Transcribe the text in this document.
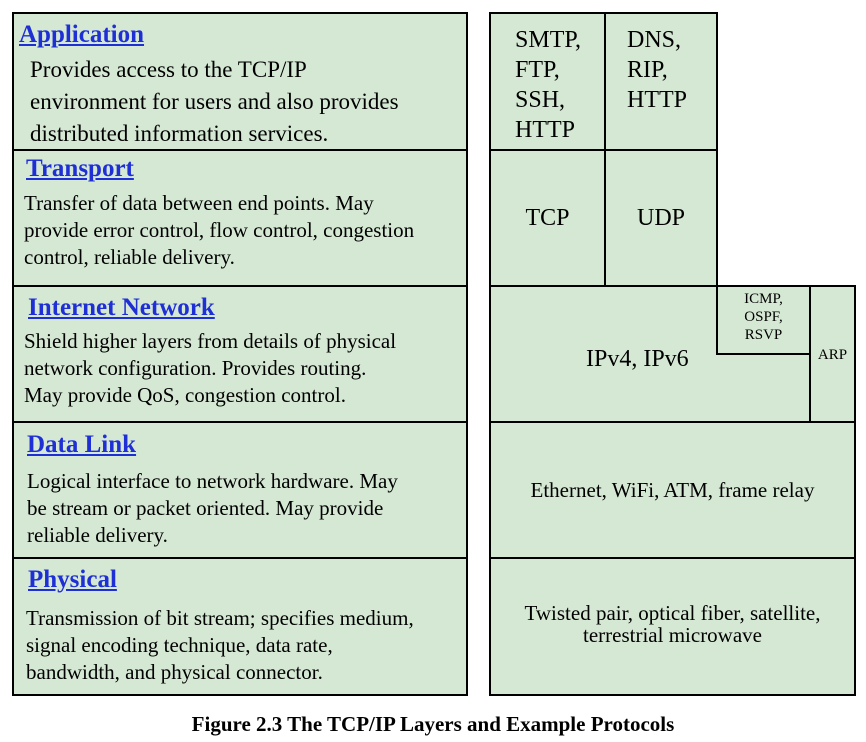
Application
Provides access to the TCP/IP
environment for users and also provides
distributed information services.
Transport
Transfer of data between end points. May
provide error control, flow control, congestion
control, reliable delivery.
Internet Network
Shield higher layers from details of physical
network configuration. Provides routing.
May provide QoS, congestion control.
Data Link
Logical interface to network hardware. May
be stream or packet oriented. May provide
reliable delivery.
Physical
Transmission of bit stream; specifies medium,
signal encoding technique, data rate,
bandwidth, and physical connector.
SMTP,
FTP,
SSH,
HTTP
DNS,
RIP,
HTTP
TCP	UDP
IPv4, IPv6
ICMP,
OSPF,
RSVP
ARP
Ethernet, WiFi, ATM, frame relay
Twisted pair, optical fiber, satellite,
terrestrial microwave
Figure 2.3 The TCP/IP Layers and Example Protocols
